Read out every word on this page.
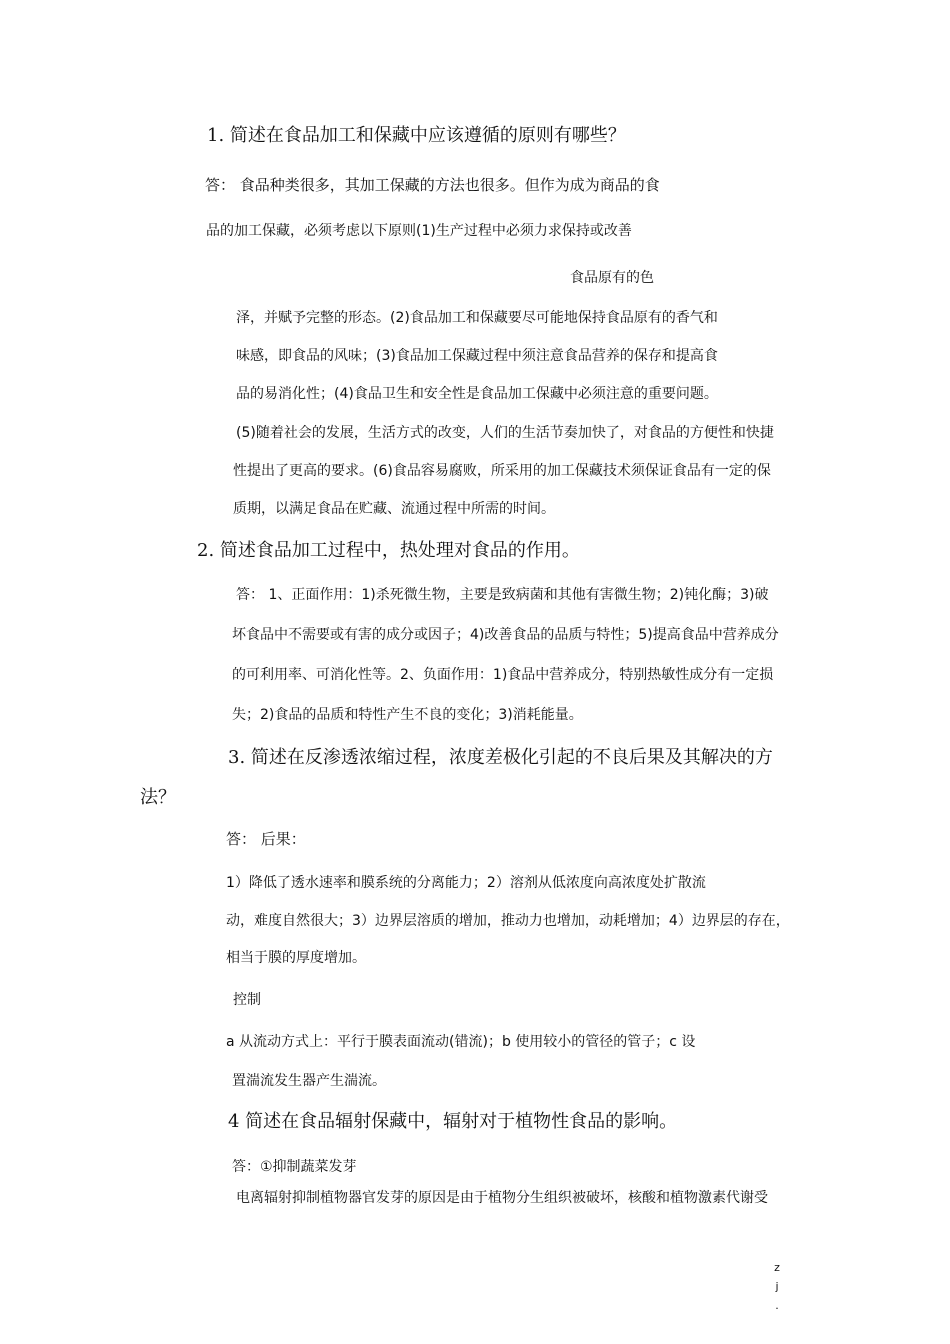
1. 简述在食品加工和保藏中应该遵循的原则有哪些？
答： 食品种类很多，其加工保藏的方法也很多。但作为成为商品的食
品的加工保藏，必须考虑以下原则(1)生产过程中必须力求保持或改善
食品原有的色
泽，并赋予完整的形态。(2)食品加工和保藏要尽可能地保持食品原有的香气和
味感，即食品的风味；(3)食品加工保藏过程中须注意食品营养的保存和提高食
品的易消化性；(4)食品卫生和安全性是食品加工保藏中必须注意的重要问题。
(5)随着社会的发展，生活方式的改变，人们的生活节奏加快了，对食品的方便性和快捷
性提出了更高的要求。(6)食品容易腐败，所采用的加工保藏技术须保证食品有一定的保
质期，以满足食品在贮藏、流通过程中所需的时间。
2. 简述食品加工过程中，热处理对食品的作用。
答： 1、正面作用：1)杀死微生物，主要是致病菌和其他有害微生物；2)钝化酶；3)破
坏食品中不需要或有害的成分或因子；4)改善食品的品质与特性；5)提高食品中营养成分
的可利用率、可消化性等。2、负面作用：1)食品中营养成分，特别热敏性成分有一定损
失；2)食品的品质和特性产生不良的变化；3)消耗能量。
3. 简述在反渗透浓缩过程，浓度差极化引起的不良后果及其解决的方
法？
答： 后果：
1）降低了透水速率和膜系统的分离能力；2）溶剂从低浓度向高浓度处扩散流
动，难度自然很大；3）边界层溶质的增加，推动力也增加，动耗增加；4）边界层的存在，
相当于膜的厚度增加。
控制
a 从流动方式上：平行于膜表面流动(错流)；b 使用较小的管径的管子；c 设
置湍流发生器产生湍流。
4 简述在食品辐射保藏中，辐射对于植物性食品的影响。
答：①抑制蔬菜发芽
电离辐射抑制植物器官发芽的原因是由于植物分生组织被破坏，核酸和植物激素代谢受
z
j
.
